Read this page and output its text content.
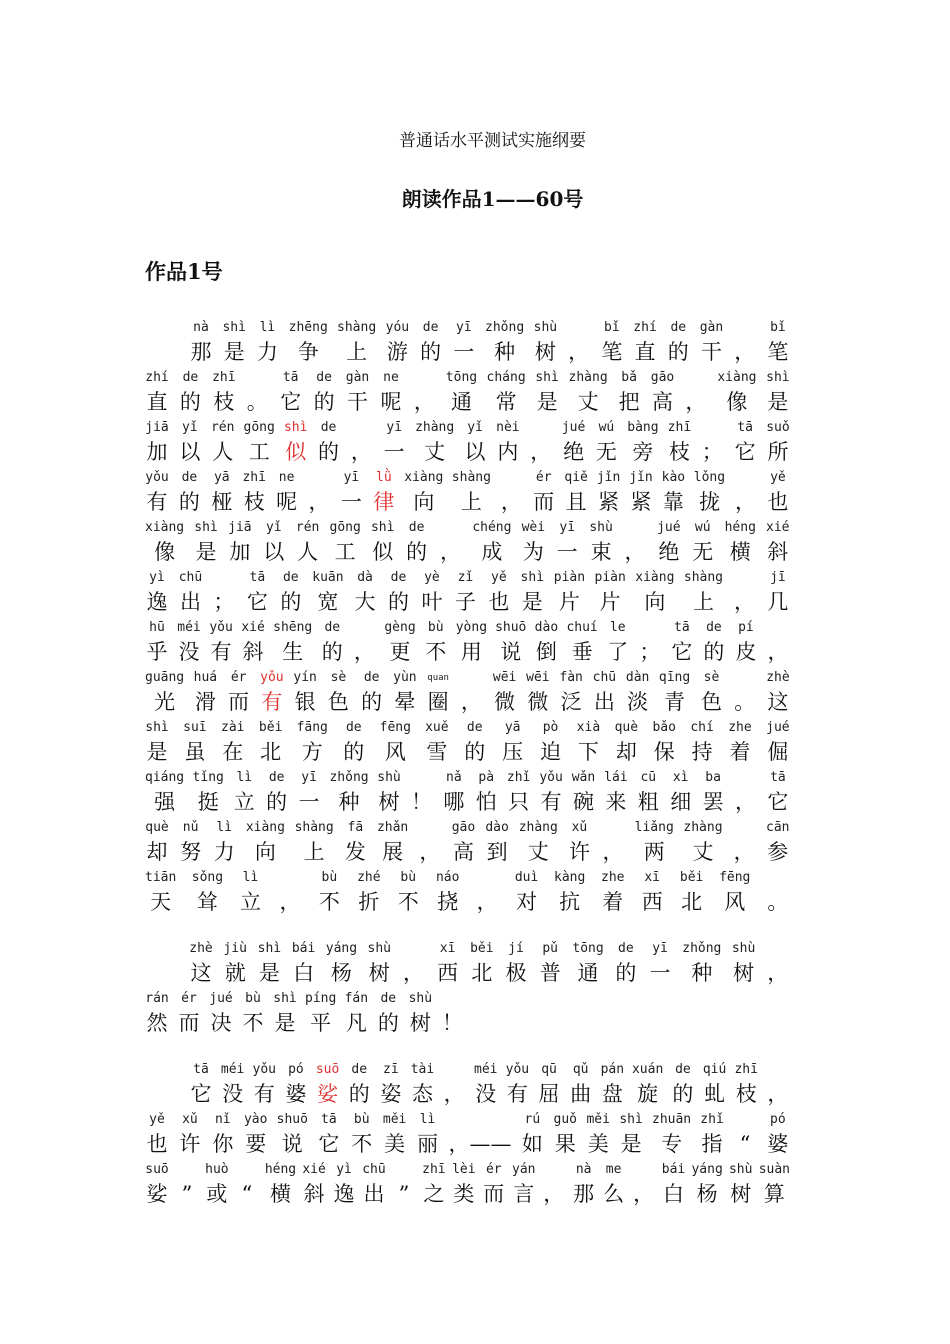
普通话水平测试实施纲要
朗读作品1——60号
作品1号
nà
那
shì
是
lì
力
zhēng
争
shàng
上
yóu
游
de
的
yī
一
zhǒng
种
shù
树 ，
bǐ
笔
zhí
直
de
的
gàn
干 ，
bǐ
笔
zhí
直
de
的
zhī
枝 。
tā
它
de
的
gàn
干
ne
呢 ，
tōng
通
cháng
常
shì
是
zhàng
丈
bǎ
把
gāo
高 ，
xiàng
像
shì
是
jiā
加
yǐ
以
rén
人
gōng
工
shì
似
de
的 ，
yī
一
zhàng
丈
yǐ
以
nèi
内 ，
jué
绝
wú
无
bàng
旁
zhī
枝 ；
tā
它
suǒ
所
yǒu
有
de
的
yā
桠
zhī
枝
ne
呢 ，
yī
一
lǜ
律
xiàng
向
shàng
上 ，
ér
而
qiě
且
jǐn
紧
jǐn
紧
kào
靠
lǒng
拢 ，
yě
也
xiàng
像
shì
是
jiā
加
yǐ
以
rén
人
gōng
工
shì
似
de
的 ，
chéng
成
wèi
为
yī
一
shù
束 ，
jué
绝
wú
无
héng
横
xié
斜
yì
逸
chū
出 ；
tā
它
de
的
kuān
宽
dà
大
de
的
yè
叶
zǐ
子
yě
也
shì
是
piàn
片
piàn
片
xiàng
向
shàng
上 ，
jī
几
hū
乎
méi
没
yǒu
有
xié
斜
shēng
生
de
的 ，
gèng
更
bù
不
yòng
用
shuō
说
dào
倒
chuí
垂
le
了 ；
tā
它
de
的
pí
皮 ，
guāng
光
huá
滑
ér
而
yǒu
有
yín
银
sè
色
de
的
yùn
晕
quan
圈 ，
wēi
微
wēi
微
fàn
泛
chū
出
dàn
淡
qīng
青
sè
色 。
zhè
这
shì
是
suī
虽
zài
在
běi
北
fāng
方
de
的
fēng
风
xuě
雪
de
的
yā
压
pò
迫
xià
下
què
却
bǎo
保
chí
持
zhe
着
jué
倔
qiáng
强
tǐng
挺
lì
立
de
的
yī
一
zhǒng
种
shù
树 ！
nǎ
哪
pà
怕
zhǐ
只
yǒu
有
wǎn
碗
lái
来
cū
粗
xì
细
ba
罢 ，
tā
它
què
却
nǔ
努
lì
力
xiàng
向
shàng
上
fā
发
zhǎn
展 ，
gāo
高
dào
到
zhàng
丈
xǔ
许 ，
liǎng
两
zhàng
丈 ，
cān
参
tiān
天
sǒng
耸
lì
立 ，
bù
不
zhé
折
bù
不
náo
挠 ，
duì
对
kàng
抗
zhe
着
xī
西
běi
北
fēng
风 。
zhè
这
jiù
就
shì
是
bái
白
yáng
杨
shù
树 ，
xī
西
běi
北
jí
极
pǔ
普
tōng
通
de
的
yī
一
zhǒng
种
shù
树 ，
rán
然
ér
而
jué
决
bù
不
shì
是
píng
平
fán
凡
de
的
shù
树 ！
tā
它
méi
没
yǒu
有
pó
婆
suō
娑
de
的
zī
姿
tài
态 ，
méi
没
yǒu
有
qū
屈
qǔ
曲
pán
盘
xuán
旋
de
的
qiú
虬
zhī
枝 ，
yě
也
xǔ
许
nǐ
你
yào
要
shuō
说
tā
它
bù
不
měi
美
lì
丽 ，——
rú
如
guǒ
果
měi
美
shì
是
zhuān
专
zhǐ
指 “
pó
婆
suō
娑 ”
huò
或 “
héng
横
xié
斜
yì
逸
chū
出 ”
zhī
之
lèi
类
ér
而
yán
言 ，
nà
那
me
么 ，
bái
白
yáng
杨
shù
树
suàn
算
